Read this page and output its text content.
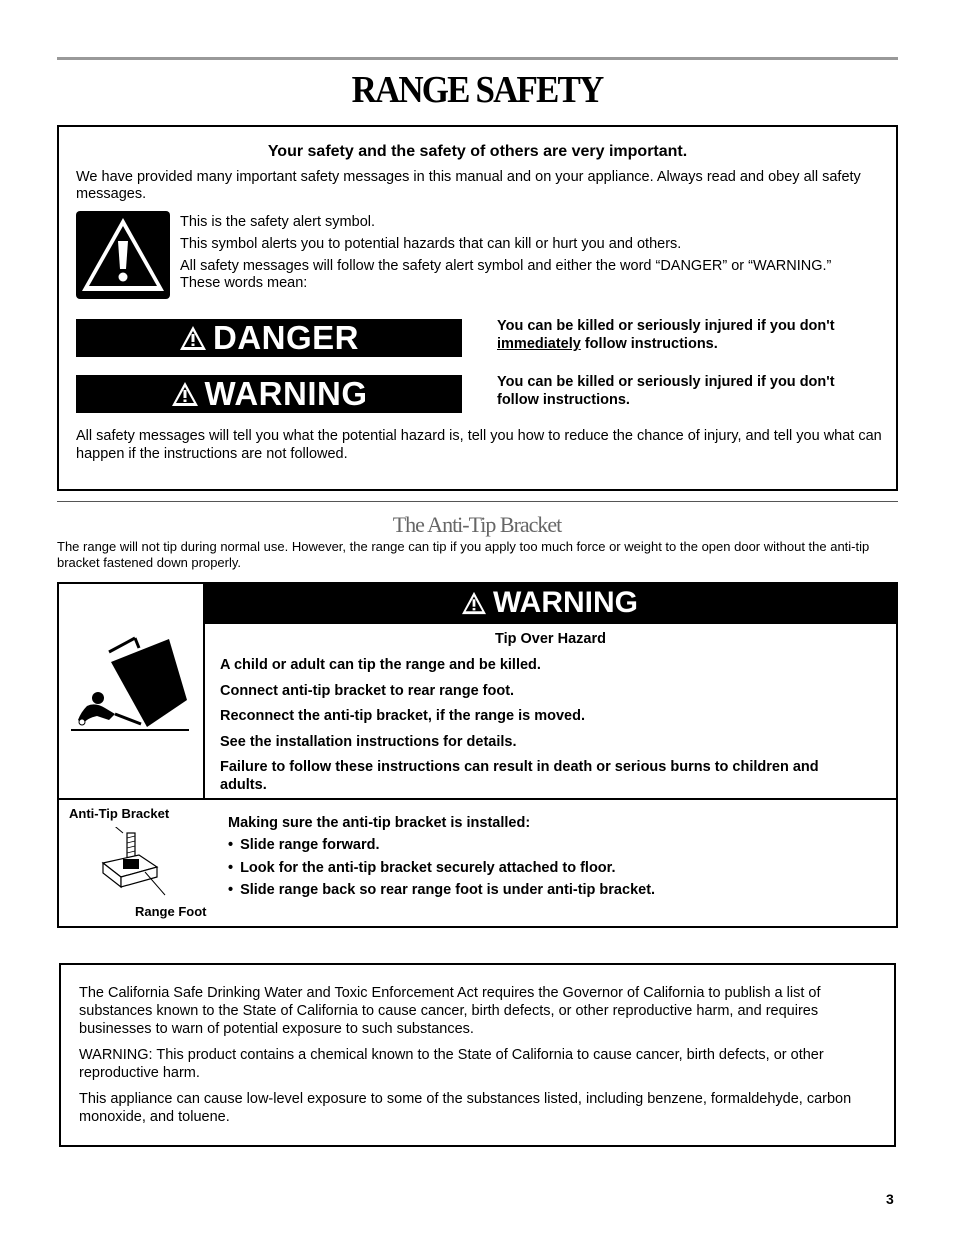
RANGE SAFETY
Your safety and the safety of others are very important.
We have provided many important safety messages in this manual and on your appliance. Always read and obey all safety messages.

This is the safety alert symbol.

This symbol alerts you to potential hazards that can kill or hurt you and others.

All safety messages will follow the safety alert symbol and either the word “DANGER” or “WARNING.” These words mean:

DANGER	You can be killed or seriously injured if you don't immediately follow instructions.
WARNING	You can be killed or seriously injured if you don't follow instructions.
All safety messages will tell you what the potential hazard is, tell you how to reduce the chance of injury, and tell you what can happen if the instructions are not followed.
The Anti-Tip Bracket
The range will not tip during normal use. However, the range can tip if you apply too much force or weight to the open door without the anti-tip bracket fastened down properly.
WARNING
Tip Over Hazard

A child or adult can tip the range and be killed.

Connect anti-tip bracket to rear range foot.

Reconnect the anti-tip bracket, if the range is moved.

See the installation instructions for details.

Failure to follow these instructions can result in death or serious burns to children and adults.

Anti-Tip Bracket
Range Foot
Making sure the anti-tip bracket is installed:
• Slide range forward.
• Look for the anti-tip bracket securely attached to floor.
• Slide range back so rear range foot is under anti-tip bracket.

The California Safe Drinking Water and Toxic Enforcement Act requires the Governor of California to publish a list of substances known to the State of California to cause cancer, birth defects, or other reproductive harm, and requires businesses to warn of potential exposure to such substances.

WARNING: This product contains a chemical known to the State of California to cause cancer, birth defects, or other reproductive harm.

This appliance can cause low-level exposure to some of the substances listed, including benzene, formaldehyde, carbon monoxide, and toluene.

3
